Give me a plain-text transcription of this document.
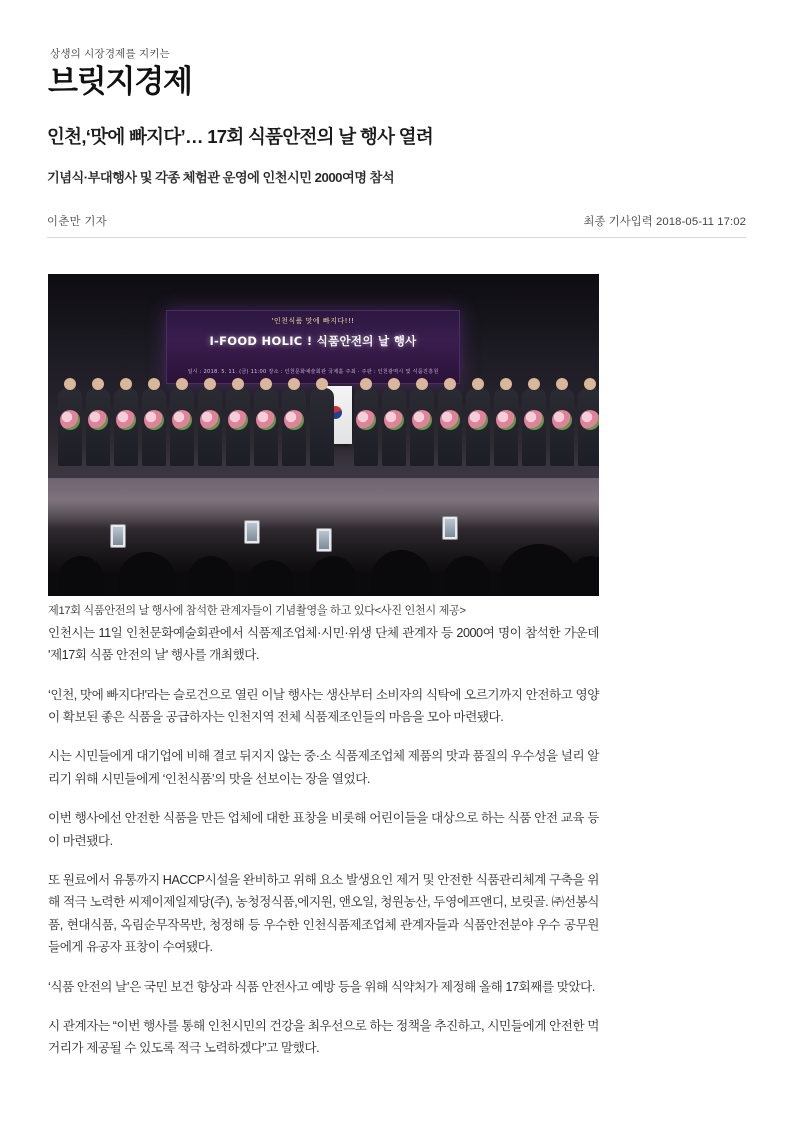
상생의 시장경제를 지키는
브릿지경제
인천,‘맛에 빠지다’… 17회 식품안전의 날 행사 열려
기념식·부대행사 및 각종 체험관 운영에 인천시민 2000여명 참석
이춘만 기자	최종 기사입력 2018-05-11 17:02
'인천식품 맛에 빠지다!!!
I-FOOD HOLIC ! 식품안전의 날 행사
일시 : 2018. 5. 11. (금) 11:00 장소 : 인천문화예술회관 국제홀 주최 · 주관 : 인천광역시 및 식품진흥원
제17회 식품안전의 날 행사에 참석한 관계자들이 기념촬영을 하고 있다<사진 인천시 제공>

인천시는 11일 인천문화예술회관에서 식품제조업체·시민·위생 단체 관계자 등 2000여 명이 참석한 가운데 '제17회 식품 안전의 날' 행사를 개최했다.

‘인천, 맛에 빠지다!'라는 슬로건으로 열린 이날 행사는 생산부터 소비자의 식탁에 오르기까지 안전하고 영양이 확보된 좋은 식품을 공급하자는 인천지역 전체 식품제조인들의 마음을 모아 마련됐다.

시는 시민들에게 대기업에 비해 결코 뒤지지 않는 중·소 식품제조업체 제품의 맛과 품질의 우수성을 널리 알리기 위해 시민들에게 ‘인천식품’의 맛을 선보이는 장을 열었다.

이번 행사에선 안전한 식품을 만든 업체에 대한 표창을 비롯해 어린이들을 대상으로 하는 식품 안전 교육 등이 마련됐다.

또 원료에서 유통까지 HACCP시설을 완비하고 위해 요소 발생요인 제거 및 안전한 식품관리체계 구축을 위해 적극 노력한 씨제이제일제당(주), 농청정식품,에지원, 앤오일, 청원농산, 두영에프앤디, 보릿골. ㈜선봉식품, 현대식품, 옥림순무작목반, 청정해 등 우수한 인천식품제조업체 관계자들과 식품안전분야 우수 공무원들에게 유공자 표창이 수여됐다.

‘식품 안전의 날’은 국민 보건 향상과 식품 안전사고 예방 등을 위해 식약처가 제정해 올해 17회째를 맞았다.

시 관계자는 “이번 행사를 통해 인천시민의 건강을 최우선으로 하는 정책을 추진하고, 시민들에게 안전한 먹거리가 제공될 수 있도록 적극 노력하겠다”고 말했다.
